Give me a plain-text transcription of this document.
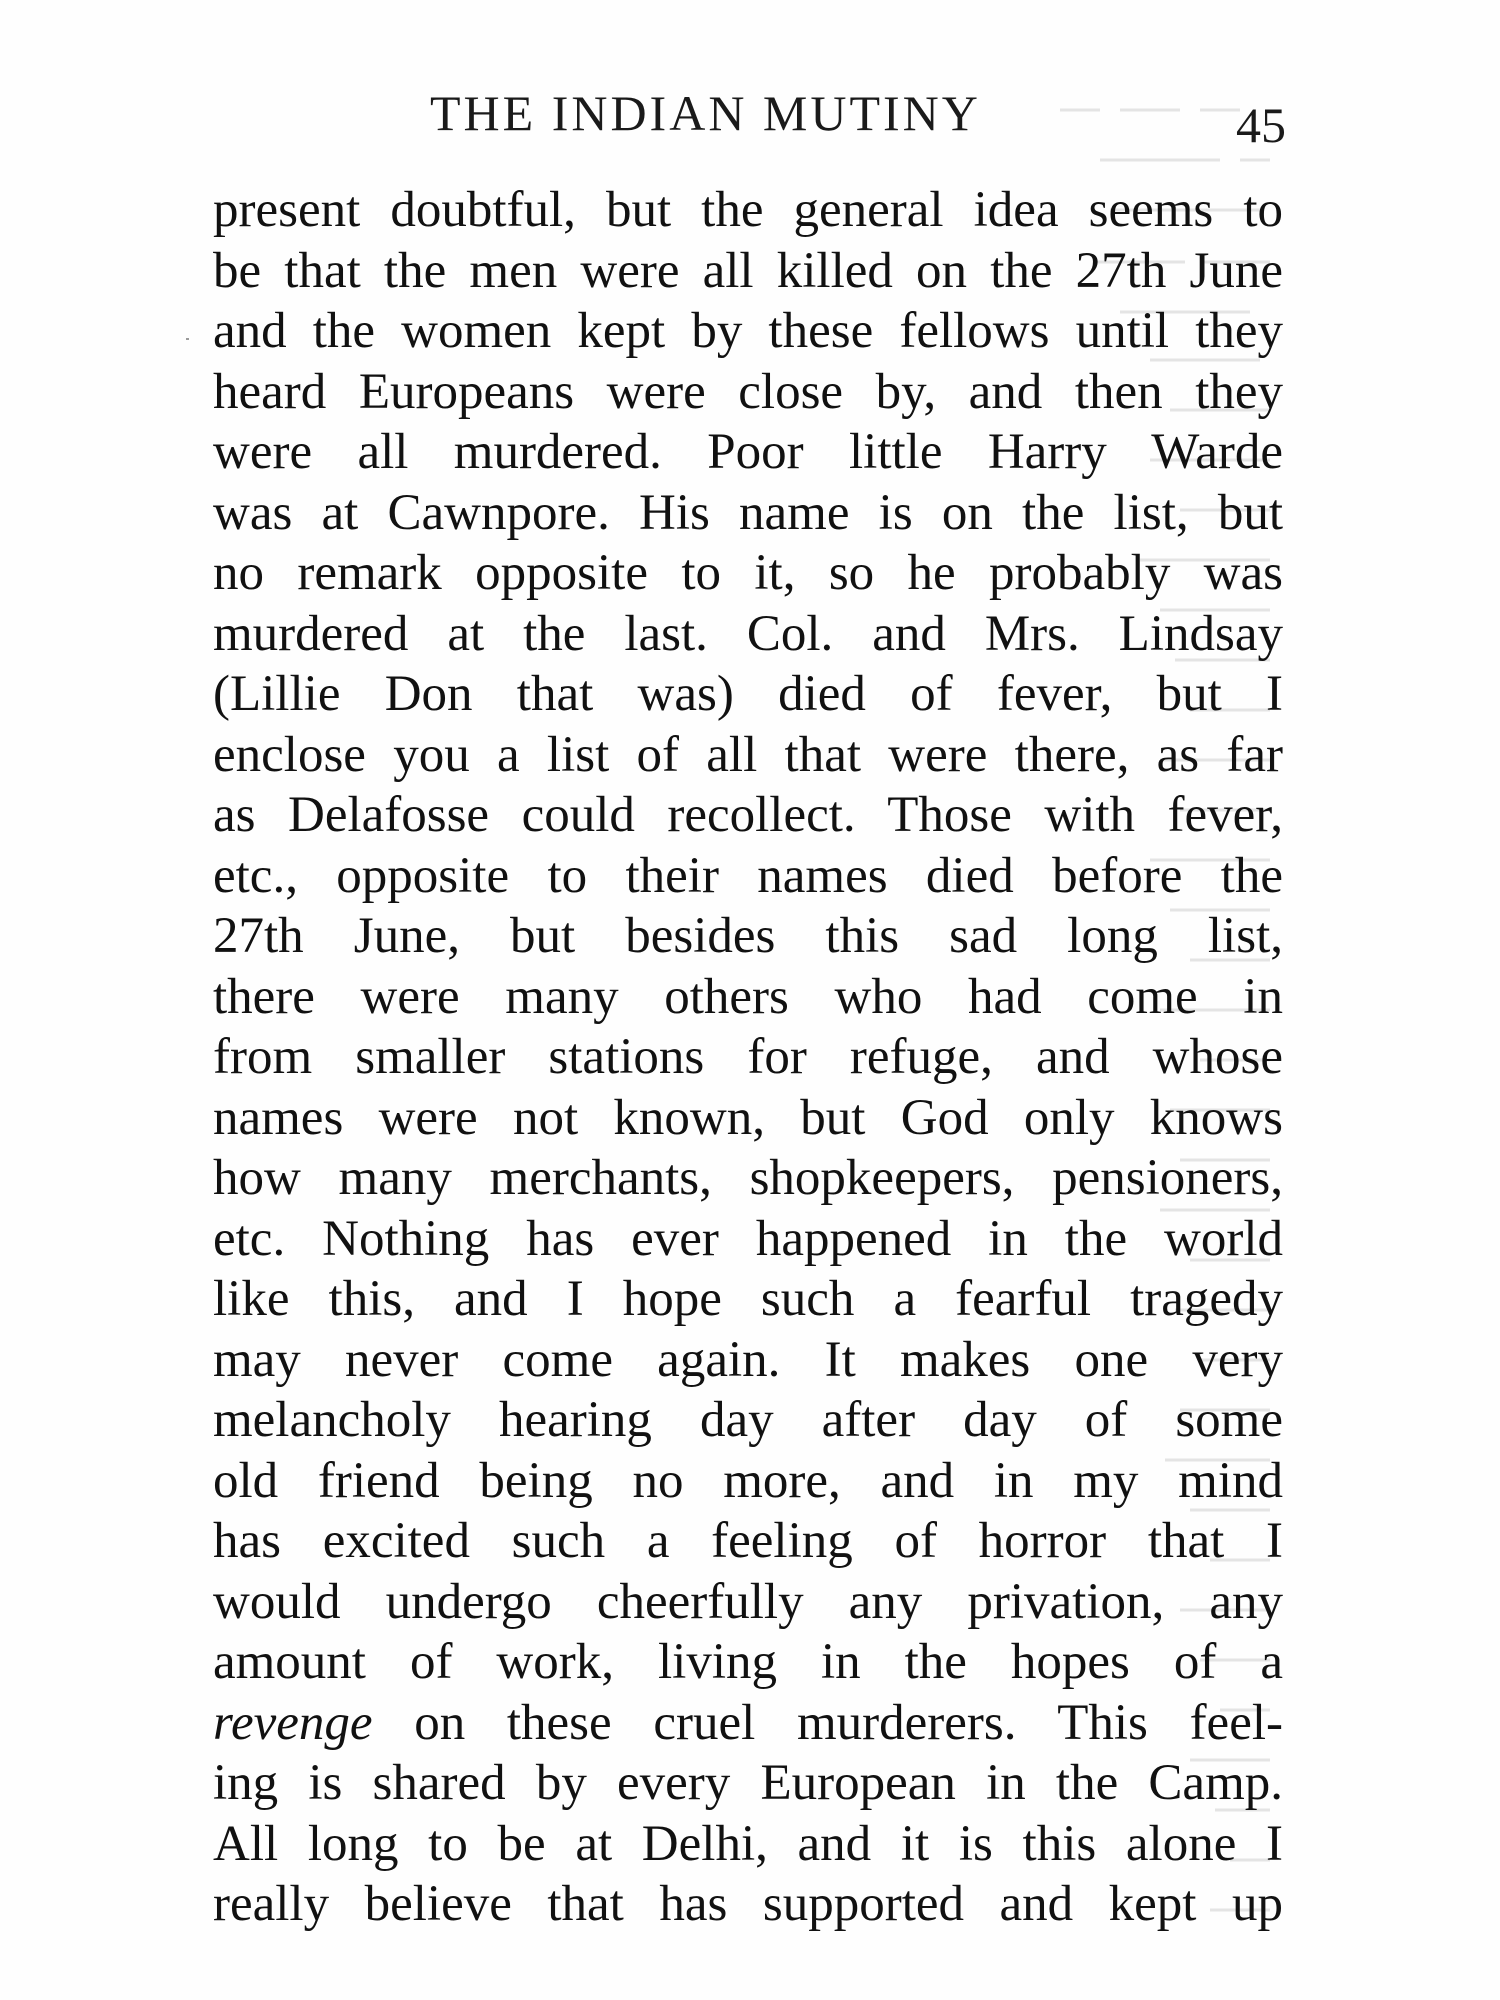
THE INDIAN MUTINY	45
present doubtful, but the general idea seems to
be that the men were all killed on the 27th June
and the women kept by these fellows until they
heard Europeans were close by, and then they
were all murdered. Poor little Harry Warde
was at Cawnpore. His name is on the list, but
no remark opposite to it, so he probably was
murdered at the last. Col. and Mrs. Lindsay
(Lillie Don that was) died of fever, but I
enclose you a list of all that were there, as far
as Delafosse could recollect. Those with fever,
etc., opposite to their names died before the
27th June, but besides this sad long list,
there were many others who had come in
from smaller stations for refuge, and whose
names were not known, but God only knows
how many merchants, shopkeepers, pensioners,
etc. Nothing has ever happened in the world
like this, and I hope such a fearful tragedy
may never come again. It makes one very
melancholy hearing day after day of some
old friend being no more, and in my mind
has excited such a feeling of horror that I
would undergo cheerfully any privation, any
amount of work, living in the hopes of a
revenge on these cruel murderers. This feel-
ing is shared by every European in the Camp.
All long to be at Delhi, and it is this alone I
really believe that has supported and kept up
